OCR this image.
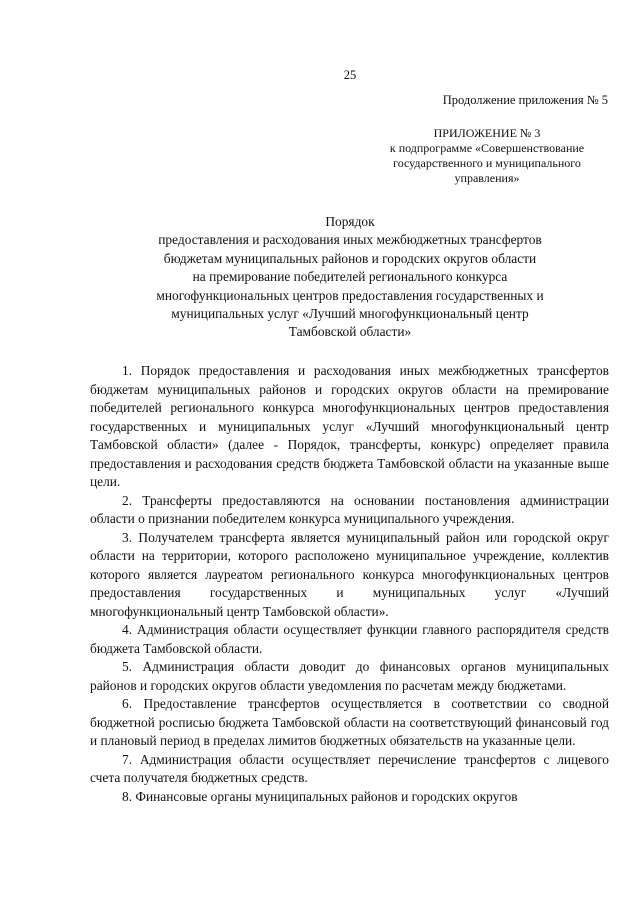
25
Продолжение приложения № 5
ПРИЛОЖЕНИЕ № 3
к подпрограмме «Совершенствование
государственного и муниципального
управления»
Порядок
предоставления и расходования иных межбюджетных трансфертов
бюджетам муниципальных районов и городских округов области
на премирование победителей регионального конкурса
многофункциональных центров предоставления государственных и
муниципальных услуг «Лучший многофункциональный центр
Тамбовской области»

1. Порядок предоставления и расходования иных межбюджетных трансфертов бюджетам муниципальных районов и городских округов области на премирование победителей регионального конкурса многофункциональных центров предоставления государственных и муниципальных услуг «Лучший многофункциональный центр Тамбовской области» (далее - Порядок, трансферты, конкурс) определяет правила предоставления и расходования средств бюджета Тамбовской области на указанные выше цели.

2. Трансферты предоставляются на основании постановления администрации области о признании победителем конкурса муниципального учреждения.

3. Получателем трансферта является муниципальный район или городской округ области на территории, которого расположено муниципальное учреждение, коллектив которого является лауреатом регионального конкурса многофункциональных центров предоставления государственных и муниципальных услуг «Лучший многофункциональный центр Тамбовской области».

4. Администрация области осуществляет функции главного распорядителя средств бюджета Тамбовской области.

5. Администрация области доводит до финансовых органов муниципальных районов и городских округов области уведомления по расчетам между бюджетами.

6. Предоставление трансфертов осуществляется в соответствии со сводной бюджетной росписью бюджета Тамбовской области на соответствующий финансовый год и плановый период в пределах лимитов бюджетных обязательств на указанные цели.

7. Администрация области осуществляет перечисление трансфертов с лицевого счета получателя бюджетных средств.

8. Финансовые органы муниципальных районов и городских округов
